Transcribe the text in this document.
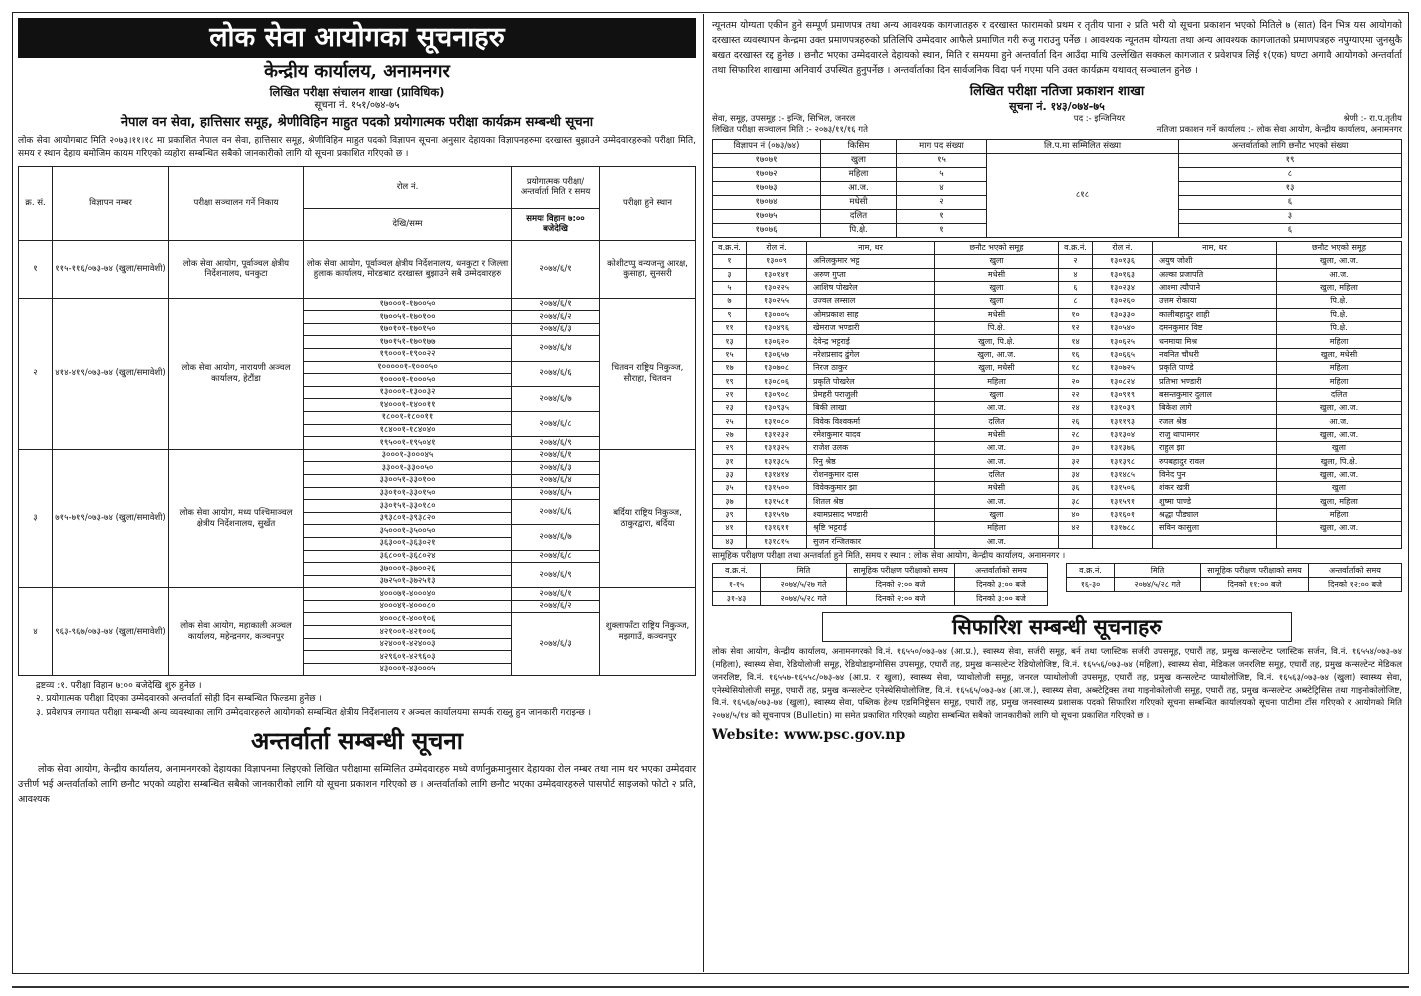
लोक सेवा आयोगका सूचनाहरु
केन्द्रीय कार्यालय, अनामनगर
लिखित परीक्षा संचालन शाखा (प्राविधिक)
सूचना नं. १५१/०७४-७५
नेपाल वन सेवा, हात्तिसार समूह, श्रेणीविहिन माहुत पदको प्रयोगात्मक परीक्षा कार्यक्रम सम्बन्धी सूचना
लोक सेवा आयोगबाट मिति २०७३।११।१८ मा प्रकाशित नेपाल वन सेवा, हात्तिसार समूह, श्रेणीविहिन माहुत पदको विज्ञापन सूचना अनुसार देहायका विज्ञापनहरुमा दरखास्त बुझाउने उम्मेदवारहरुको परीक्षा मिति, समय र स्थान देहाय बमोजिम कायम गरिएको व्यहोरा सम्बन्धित सबैको जानकारीको लागि यो सूचना प्रकाशित गरिएको छ ।
क्र. सं.	विज्ञापन नम्बर	परीक्षा सञ्चालन गर्ने निकाय	रोल नं.	प्रयोगात्मक परीक्षा/ अन्तर्वार्ता मिति र समय	परीक्षा हुने स्थान
			देखि/सम्म	समयः विहान ७:०० बजेदेखि	
१	११५-११६/०७३-७४ (खुला/समावेशी)	लोक सेवा आयोग, पूर्वाञ्चल क्षेत्रीय निर्देशनालय, धनकुटा	लोक सेवा आयोग, पूर्वाञ्चल क्षेत्रीय निर्देशनालय, धनकुटा र जिल्ला हुलाक कार्यालय, मोरङबाट दरखास्त बुझाउने सबै उम्मेदवारहरु	२०७४/६/१	कोशीटप्पु वन्यजन्तु आरक्ष, कुसाहा, सुनसरी
२	४१४-४१९/०७३-७४ (खुला/समावेशी)	लोक सेवा आयोग, नारायणी अञ्चल कार्यालय, हेटौंडा	१७०००१-१७००५०	२०७४/६/१	चितवन राष्ट्रिय निकुञ्ज, सौराहा, चितवन
			१७००५१-१७०१००	२०७४/६/२	
			१७०१०१-१७०१५०	२०७४/६/३	
			१७०१५१-१७०१७७	२०७४/६/४	
			१९०००१-१९००२२		
			१०००००१-१०००५०	२०७४/६/६	
			१००००१-१०००५०		
			१३०००१-१३००३२	२०७४/६/७	
			१४०००१-१४००११		
			१८००१-१८००११	२०७४/६/८	
			१८४००१-१८४०४०		
			१९५००१-१९५०४१	२०७४/६/९	
३	७१५-७१९/०७३-७४ (खुला/समावेशी)	लोक सेवा आयोग, मध्य पश्चिमाञ्चल क्षेत्रीय निर्देशनालय, सुर्खेत	३०००१-३०००४५	२०७४/६/१	बर्दिया राष्ट्रिय निकुञ्ज, ठाकुरद्वारा, बर्दिया
			३३००१-३३००५०	२०७४/६/३	
			३३००५१-३३०१००	२०७४/६/४	
			३३०१०१-३३०१५०	२०७४/६/५	
			३३०१५१-३३०१८०	२०७४/६/६	
			३९३८०१-३९३८२०		
			३५०००१-३५००५०	२०७४/६/७	
			३६३००१-३६३०२१		
			३६८००१-३६८०२४	२०७४/६/८	
			३७०००१-३७००२६	२०७४/६/९	
			३७२५०१-३७२५१३		
४	९६३-९६७/०७३-७४ (खुला/समावेशी)	लोक सेवा आयोग, महाकाली अञ्चल कार्यालय, महेन्द्रनगर, कञ्चनपुर	४०००७१-४०००४०	२०७४/६/१	शुक्लाफाँटा राष्ट्रिय निकुञ्ज, मझगाउँ, कञ्चनपुर
			४०००४१-४०००८०	२०७४/६/२	
			४०००८१-४००१०६	२०७४/६/३	
			४२१००१-४२१००६		
			४२४००१-४२४००३		
			४२९६०१-४२९६०३		
			४३०००१-४३०००५		
द्रष्टव्य :१. परीक्षा विहान ७:०० बजेदेखि शुरु हुनेछ ।
२. प्रयोगात्मक परीक्षा दिएका उम्मेदवारको अन्तर्वार्ता सोही दिन सम्बन्धित फिल्डमा हुनेछ ।
३. प्रवेशपत्र लगायत परीक्षा सम्बन्धी अन्य व्यवस्थाका लागि उम्मेदवारहरुले आयोगको सम्बन्धित क्षेत्रीय निर्देशनालय र अञ्चल कार्यालयमा सम्पर्क राख्नु हुन जानकारी गराइन्छ ।
अन्तर्वार्ता सम्बन्धी सूचना
लोक सेवा आयोग, केन्द्रीय कार्यालय, अनामनगरको देहायका विज्ञापनमा लिइएको लिखित परीक्षामा सम्मिलित उम्मेदवारहरु मध्ये वर्णानुक्रमानुसार देहायका रोल नम्बर तथा नाम थर भएका उम्मेदवार उत्तीर्ण भई अन्तर्वार्ताको लागि छनौट भएको व्यहोरा सम्बन्धित सबैको जानकारीको लागि यो सूचना प्रकाशन गरिएको छ । अन्तर्वार्ताको लागि छनौट भएका उम्मेदवारहरुले पासपोर्ट साइजको फोटो २ प्रति, आवश्यक
न्यूनतम योग्यता एकीन हुने सम्पूर्ण प्रमाणपत्र तथा अन्य आवश्यक कागजातहरु र दरखास्त फारामको प्रथम र तृतीय पाना २ प्रति भरी यो सूचना प्रकाशन भएको मितिले ७ (सात) दिन भित्र यस आयोगको दरखास्त व्यवस्थापन केन्द्रमा उक्त प्रमाणपत्रहरुको प्रतिलिपि उम्मेदवार आफैले प्रमाणित गरी रुजु गराउनु पर्नेछ । आवश्यक न्यूनतम योग्यता तथा अन्य आवश्यक कागजातको प्रमाणपत्रहरु नपुग्याएमा जुनसुकै बखत दरखास्त रद्द हुनेछ । छनौट भएका उम्मेदवारले देहायको स्थान, मिति र समयमा हुने अन्तर्वार्ता दिन आउँदा माथि उल्लेखित सक्कल कागजात र प्रवेशपत्र लिई १(एक) घण्टा अगावै आयोगको अन्तर्वार्ता तथा सिफारिश शाखामा अनिवार्य उपस्थित हुनुपर्नेछ । अन्तर्वार्ताका दिन सार्वजनिक विदा पर्न गएमा पनि उक्त कार्यक्रम यथावत् सञ्चालन हुनेछ ।
लिखित परीक्षा नतिजा प्रकाशन शाखा
सूचना नं. १४३/०७४-७५
सेवा, समूह, उपसमूह :- इन्जि, सिभिल, जनरल	पद :- इन्जिनियर	श्रेणी :- रा.प.तृतीय
लिखित परीक्षा सञ्चालन मिति :- २०७३/११/१६ गते	नतिजा प्रकाशन गर्ने कार्यालय :- लोक सेवा आयोग, केन्द्रीय कार्यालय, अनामनगर
विज्ञापन नं (०७३/७४)	किसिम	माग पद संख्या	लि.प.मा सम्मिलित संख्या	अन्तर्वार्ताको लागि छनौट भएको संख्या
१७०७१	खुला	१५	८१८	१९
१७०७२	महिला	५		८
१७०७३	आ.ज.	४		१३
१७०७४	मधेसी	२		६
१७०७५	दलित	१		३
१७०७६	पि.क्षे.	१		६
व.क्र.नं.	रोल नं.	नाम, थर	छनौट भएको समूह	व.क्र.नं.	रोल नं.	नाम, थर	छनौट भएको समूह
१	१३००९	अनिलकुमार भट्ट	खुला	२	१३०१३६	अयुष जोशी	खुला, आ.ज.
३	१३०१४१	अरुण गुप्ता	मधेसी	४	१३०१६३	अल्का प्रजापति	आ.ज.
५	१३०२२५	आशिष पोखरेल	खुला	६	१३०२३४	आश्मा त्यौपाने	खुला, महिला
७	१३०२५५	उज्वल लम्साल	खुला	८	१३०२६०	उत्तम रोकाया	पि.क्षे.
९	१३०००५	ओमप्रकाश साह	मधेसी	१०	१३०३३०	कालीबहादुर शाही	पि.क्षे.
११	१३०४९६	खेमराज भण्डारी	पि.क्षे.	१२	१३०५४०	दमनकुमार विष्ट	पि.क्षे.
१३	१३०६२०	देवेन्द्र भट्टराई	खुला, पि.क्षे.	१४	१३०६२५	धनमाया मिश्र	महिला
१५	१३०६५७	नरेशप्रसाद ढुंगेल	खुला, आ.ज.	१६	१३०६६५	नवनित चौधरी	खुला, मधेसी
१७	१३०७०८	निरज ठाकुर	खुला, मधेसी	१८	१३०७२५	प्रकृति पाण्डे	महिला
१९	१३०८०६	प्रकृति पोखरेल	महिला	२०	१३०८२४	प्रतिभा भण्डारी	महिला
२१	१३०९०८	प्रेमहरी पराजुली	खुला	२२	१३०९१९	बसन्तकुमार दुलाल	दलित
२३	१३०९३५	बिकी लाखा	आ.ज.	२४	१३१०३९	बिकेश लागे	खुला, आ.ज.
२५	१३१०८०	विवेक विश्वकर्मा	दलित	२६	१३११९३	रजल श्रेष्ठ	आ.ज.
२७	१३१२३२	रमेशकुमार यादव	मधेसी	२८	१३१३०४	राजु थापामगर	खुला, आ.ज.
२९	१३१३२५	राजेश उलक	आ.ज.	३०	१३१३७६	राहुल झा	खुला
३१	१३१३८५	रिनु श्रेष्ठ	आ.ज.	३२	१३१३९८	रुपबहादुर रावल	खुला, पि.क्षे.
३३	१३१४१४	रोशनकुमार दास	दलित	३४	१३१४८५	विनेद पुन	खुला, आ.ज.
३५	१३१५००	विवेककुमार झा	मधेसी	३६	१३१५०६	शंकर खत्री	खुला
३७	१३१५८१	शितल श्रेष्ठ	आ.ज.	३८	१३१५९१	शुष्मा पाण्डे	खुला, महिला
३९	१३१५९७	श्यामप्रसाद भण्डारी	खुला	४०	१३१६०१	श्रद्धा पौड्याल	महिला
४१	१३१६११	श्रृष्टि भट्टराई	महिला	४२	१३१७८८	सविन कासुला	खुला, आ.ज.
४३	१३१८१५	सुजन रन्जितकार	आ.ज.				
सामूहिक परीक्षण परीक्षा तथा अन्तर्वार्ता हुने मिति, समय र स्थान : लोक सेवा आयोग, केन्द्रीय कार्यालय, अनामनगर ।
व.क्र.नं.	मिति	सामूहिक परीक्षण परीक्षाको समय	अन्तर्वार्ताको समय
१-१५	२०७४/५/२७ गते	दिनको २:०० बजे	दिनको ३:०० बजे
३१-४३	२०७४/५/२८ गते	दिनको २:०० बजे	दिनको ३:०० बजे
व.क्र.नं.	मिति	सामूहिक परीक्षण परीक्षाको समय	अन्तर्वार्ताको समय
१६-३०	२०७४/५/२८ गते	दिनको ११:०० बजे	दिनको १२:०० बजे
सिफारिश सम्बन्धी सूचनाहरु
लोक सेवा आयोग, केन्द्रीय कार्यालय, अनामनगरको वि.नं. १६५५०/०७३-७४ (आ.प्र.), स्वास्थ्य सेवा, सर्जरी समूह, बर्न तथा प्लास्टिक सर्जरी उपसमूह, एघारौं तह, प्रमुख कन्सल्टेन्ट प्लास्टिक सर्जन, वि.नं. १६५५४/०७३-७४ (महिला), स्वास्थ्य सेवा, रेडियोलोजी समूह, रेडियोडाइग्नोसिस उपसमूह, एघारौं तह, प्रमुख कन्सल्टेन्ट रेडियोलोजिष्ट, वि.नं. १६५५६/०७३-७४ (महिला), स्वास्थ्य सेवा, मेडिकल जनरलिष्ट समूह, एघारौं तह, प्रमुख कन्सल्टेन्ट मेडिकल जनरलिष्ट, वि.नं. १६५५७-१६५५८/०७३-७४ (आ.प्र. र खुला), स्वास्थ्य सेवा, प्याथोलोजी समूह, जनरल प्याथोलोजी उपसमूह, एघारौं तह, प्रमुख कन्सल्टेन्ट प्याथोलोजिष्ट, वि.नं. १६५६३/०७३-७४ (खुला) स्वास्थ्य सेवा, एनेस्थेसियोलोजी समूह, एघारौं तह, प्रमुख कन्सल्टेन्ट एनेस्थेसियोलोजिष्ट, वि.नं. १६५६५/०७३-७४ (आ.ज.), स्वास्थ्य सेवा, अब्स्टेट्रिक्स तथा गाइनोकोलोजी समूह, एघारौं तह, प्रमुख कन्सल्टेन्ट अब्स्टेट्रिसिस तथा गाइनोकोलोजिष्ट, वि.नं. १६५६७/०७३-७४ (खुला), स्वास्थ्य सेवा, पब्लिक हेल्थ एडमिनिष्ट्रेसन समूह, एघारौं तह, प्रमुख जनस्वास्थ्य प्रशासक पदको सिफारिश गरिएको सूचना सम्बन्धित कार्यालयको सूचना पाटीमा टाँस गरिएको र आयोगको मिति २०७४/५/१४ को सूचनापत्र (Bulletin) मा समेत प्रकाशित गरिएको व्यहोरा सम्बन्धित सबैको जानकारीको लागि यो सूचना प्रकाशित गरिएको छ ।
Website: www.psc.gov.np
